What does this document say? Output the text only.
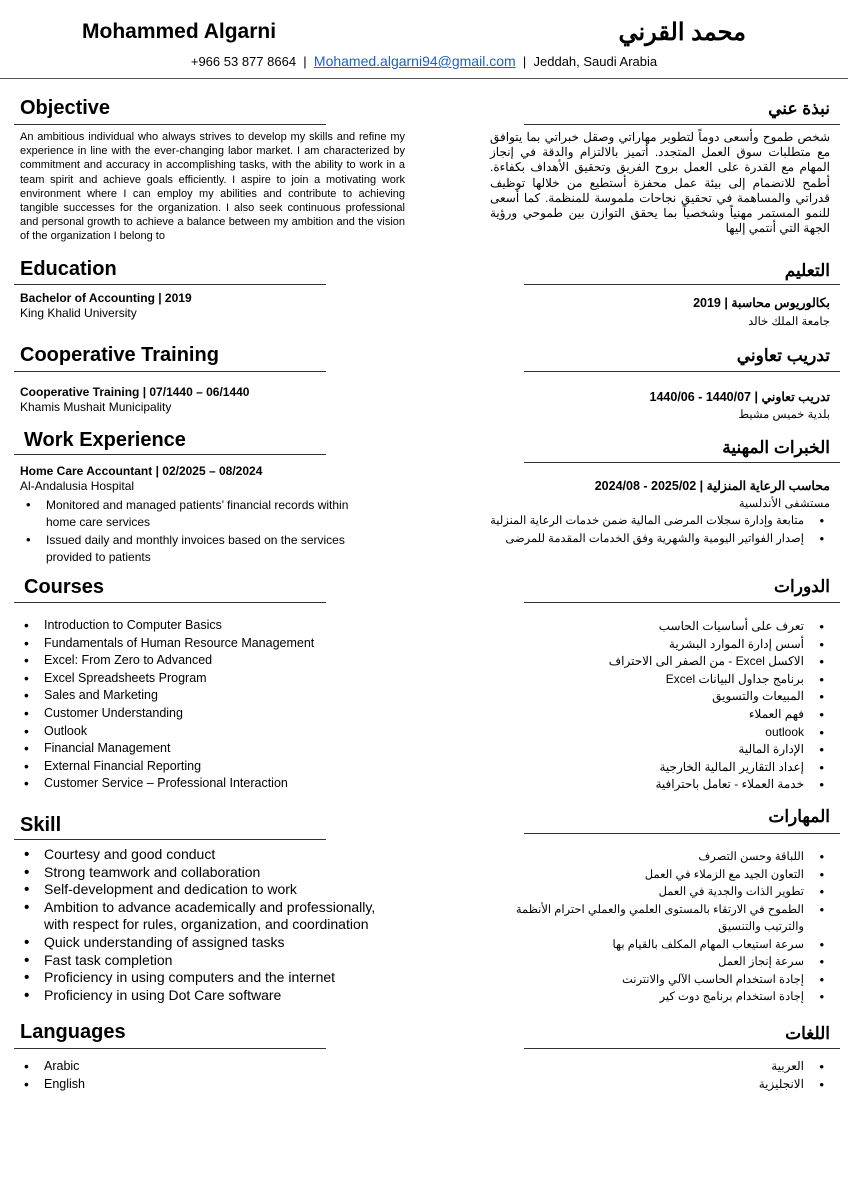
Mohammed Algarni	محمد القرني
+966 53 877 8664 | Mohamed.algarni94@gmail.com | Jeddah, Saudi Arabia
Objective	نبذة عني
An ambitious individual who always strives to develop my skills and refine my experience in line with the ever-changing labor market. I am characterized by commitment and accuracy in accomplishing tasks, with the ability to work in a team spirit and achieve goals efficiently. I aspire to join a motivating work environment where I can employ my abilities and contribute to achieving tangible successes for the organization. I also seek continuous professional and personal growth to achieve a balance between my ambition and the vision of the organization I belong to
شخص طموح وأسعى دوماً لتطوير مهاراتي وصقل خبراتي بما يتوافق مع متطلبات سوق العمل المتجدد. أتميز بالالتزام والدقة في إنجاز المهام مع القدرة على العمل بروح الفريق وتحقيق الأهداف بكفاءة. أطمح للانضمام إلى بيئة عمل محفزة أستطيع من خلالها توظيف قدراتي والمساهمة في تحقيق نجاحات ملموسة للمنظمة. كما أسعى للنمو المستمر مهنياً وشخصياً بما يحقق التوازن بين طموحي ورؤية الجهة التي أنتمي إليها
Education	التعليم
Bachelor of Accounting | 2019
King Khalid University
بكالوريوس محاسبة | 2019
جامعة الملك خالد
Cooperative Training	تدريب تعاوني
Cooperative Training | 07/1440 – 06/1440
Khamis Mushait Municipality
تدريب تعاوني | 1440/07 - 1440/06
بلدية خميس مشيط
Work Experience	الخبرات المهنية
Home Care Accountant | 02/2025 – 08/2024
Al-Andalusia Hospital
• Monitored and managed patients’ financial records within home care services
• Issued daily and monthly invoices based on the services provided to patients
محاسب الرعاية المنزلية | 2025/02 - 2024/08
مستشفى الأندلسية
• متابعة وإدارة سجلات المرضى المالية ضمن خدمات الرعاية المنزلية
• إصدار الفواتير اليومية والشهرية وفق الخدمات المقدمة للمرضى
Courses	الدورات
• Introduction to Computer Basics
• Fundamentals of Human Resource Management
• Excel: From Zero to Advanced
• Excel Spreadsheets Program
• Sales and Marketing
• Customer Understanding
• Outlook
• Financial Management
• External Financial Reporting
• Customer Service – Professional Interaction
• تعرف على أساسيات الحاسب
• أسس إدارة الموارد البشرية
• الاكسل Excel - من الصفر الى الاحتراف
• برنامج جداول البيانات Excel
• المبيعات والتسويق
• فهم العملاء
• outlook
• الإدارة المالية
• إعداد التقارير المالية الخارجية
• خدمة العملاء - تعامل باحترافية
Skill	المهارات
• Courtesy and good conduct
• Strong teamwork and collaboration
• Self-development and dedication to work
• Ambition to advance academically and professionally, with respect for rules, organization, and coordination
• Quick understanding of assigned tasks
• Fast task completion
• Proficiency in using computers and the internet
• Proficiency in using Dot Care software
• اللباقة وحسن التصرف
• التعاون الجيد مع الزملاء في العمل
• تطوير الذات والجدية في العمل
• الطموح في الارتقاء بالمستوى العلمي والعملي احترام الأنظمة والترتيب والتنسيق
• سرعة استيعاب المهام المكلف بالقيام بها
• سرعة إنجاز العمل
• إجادة استخدام الحاسب الآلي والانترنت
• إجادة استخدام برنامج دوت كير
Languages	اللغات
• Arabic
• English
• العربية
• الانجليزية
